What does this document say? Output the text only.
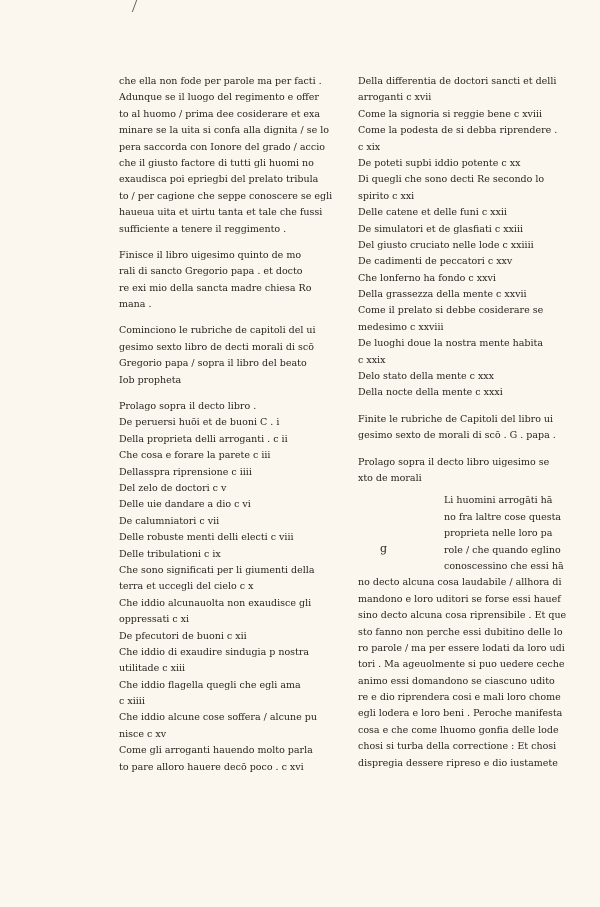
che ella non fode per parole ma per facti .
Adunque se il luogo del regimento e offer
to al huomo / prima dee cosiderare et exa
minare se la uita si confa alla dignita / se lo
pera saccorda con Ionore del grado / accio
che il giusto factore di tutti gli huomi no
exaudisca poi epriegbi del prelato tribula
to / per cagione che seppe conoscere se egli
haueua uita et uirtu tanta et tale che fussi
sufficiente a tenere il reggimento .
Finisce il libro uigesimo quinto de mo
rali di sancto Gregorio papa . et docto
re exi mio della sancta madre chiesa Ro
mana .
Cominciono le rubriche de capitoli del ui
gesimo sexto libro de decti morali di scō
Gregorio papa / sopra il libro del beato
Iob propheta
Prolago sopra il decto libro .
De peruersi huōi et de buoni C . i
Della proprieta delli arroganti . c ii
Che cosa e forare la parete c iii
Dellasspra riprensione c iiii
Del zelo de doctori c v
Delle uie dandare a dio c vi
De calumniatori c vii
Delle robuste menti delli electi c viii
Delle tribulationi c ix
Che sono significati per li giumenti della
terra et uccegli del cielo c x
Che iddio alcunauolta non exaudisce gli
oppressati c xi
De pfecutori de buoni c xii
Che iddio di exaudire sindugia p nostra
utilitade c xiii
Che iddio flagella quegli che egli ama
c xiiii
Che iddio alcune cose soffera / alcune pu
nisce c xv
Come gli arroganti hauendo molto parla
to pare alloro hauere decō poco . c xvi
Della differentia de doctori sancti et delli
arroganti c xvii
Come la signoria si reggie bene c xviii
Come la podesta de si debba riprendere .
c xix
De poteti supbi iddio potente c xx
Di quegli che sono decti Re secondo lo
spirito c xxi
Delle catene et delle funi c xxii
De simulatori et de glasfiati c xxiii
Del giusto cruciato nelle lode c xxiiii
De cadimenti de peccatori c xxv
Che lonferno ha fondo c xxvi
Della grassezza della mente c xxvii
Come il prelato si debbe cosiderare se
medesimo c xxviii
De luoghi doue la nostra mente habita
c xxix
Delo stato della mente c xxx
Della nocte della mente c xxxi
Finite le rubriche de Capitoli del libro ui
gesimo sexto de morali di scō . G . papa .
Prolago sopra il decto libro uigesimo se
xto de morali
g
Li huomini arrogāti hā
no fra laltre cose questa
proprieta nelle loro pa
role / che quando eglino
conoscessino che essi hā
no decto alcuna cosa laudabile / allhora di
mandono e loro uditori se forse essi hauef
sino decto alcuna cosa riprensibile . Et que
sto fanno non perche essi dubitino delle lo
ro parole / ma per essere lodati da loro udi
tori . Ma ageuolmente si puo uedere ceche
animo essi domandono se ciascuno udito
re e dio riprendera cosi e mali loro chome
egli lodera e loro beni . Peroche manifesta
cosa e che come lhuomo gonfia delle lode
chosi si turba della correctione : Et chosi
dispregia dessere ripreso e dio iustamete
